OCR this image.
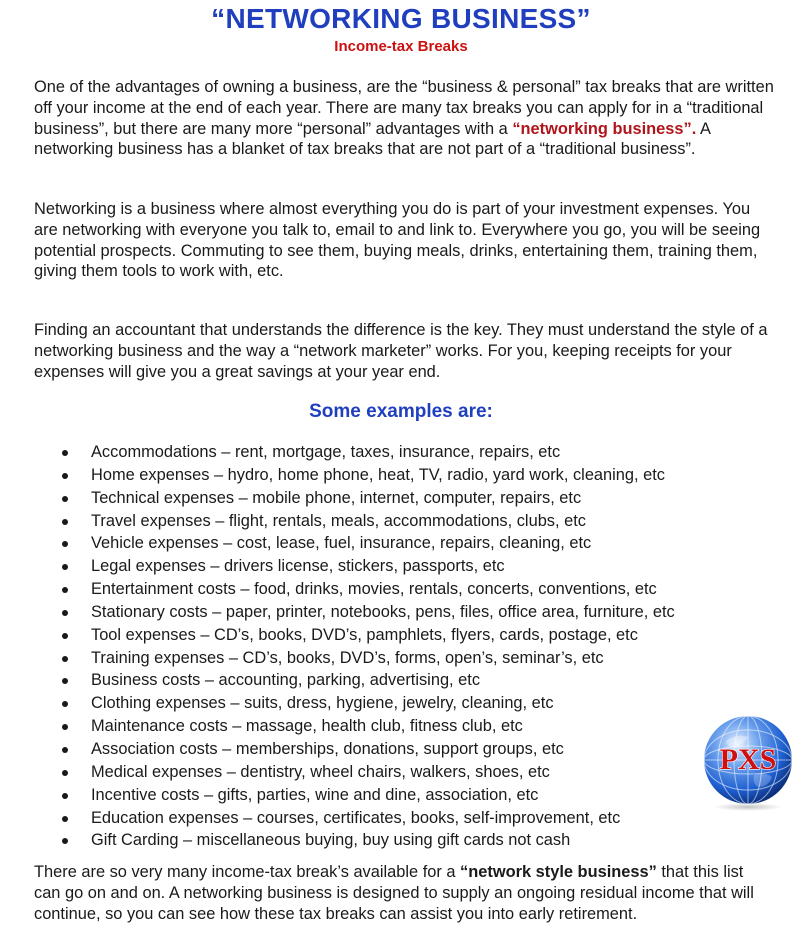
“NETWORKING BUSINESS”
Income-tax Breaks
One of the advantages of owning a business, are the “business & personal” tax breaks that are written off your income at the end of each year. There are many tax breaks you can apply for in a “traditional business”, but there are many more “personal” advantages with a “networking business”. A networking business has a blanket of tax breaks that are not part of a “traditional business”.
Networking is a business where almost everything you do is part of your investment expenses. You are networking with everyone you talk to, email to and link to. Everywhere you go, you will be seeing potential prospects. Commuting to see them, buying meals, drinks, entertaining them, training them, giving them tools to work with, etc.
Finding an accountant that understands the difference is the key. They must understand the style of a networking business and the way a “network marketer” works. For you, keeping receipts for your expenses will give you a great savings at your year end.
Some examples are:
Accommodations – rent, mortgage, taxes, insurance, repairs, etc
Home expenses – hydro, home phone, heat, TV, radio, yard work, cleaning, etc
Technical expenses – mobile phone, internet, computer, repairs, etc
Travel expenses – flight, rentals, meals, accommodations, clubs, etc
Vehicle expenses – cost, lease, fuel, insurance, repairs, cleaning, etc
Legal expenses – drivers license, stickers, passports, etc
Entertainment costs – food, drinks, movies, rentals, concerts, conventions, etc
Stationary costs – paper, printer, notebooks, pens, files, office area, furniture, etc
Tool expenses – CD’s, books, DVD’s, pamphlets, flyers, cards, postage, etc
Training expenses – CD’s, books, DVD’s, forms, open’s, seminar’s, etc
Business costs – accounting, parking, advertising, etc
Clothing expenses – suits, dress, hygiene, jewelry, cleaning, etc
Maintenance costs – massage, health club, fitness club, etc
Association costs – memberships, donations, support groups, etc
Medical expenses – dentistry, wheel chairs, walkers, shoes, etc
Incentive costs – gifts, parties, wine and dine, association, etc
Education expenses – courses, certificates, books, self-improvement, etc
Gift Carding – miscellaneous buying, buy using gift cards not cash
There are so very many income-tax break’s available for a “network style business” that this list can go on and on. A networking business is designed to supply an ongoing residual income that will continue, so you can see how these tax breaks can assist you into early retirement.
PXS
